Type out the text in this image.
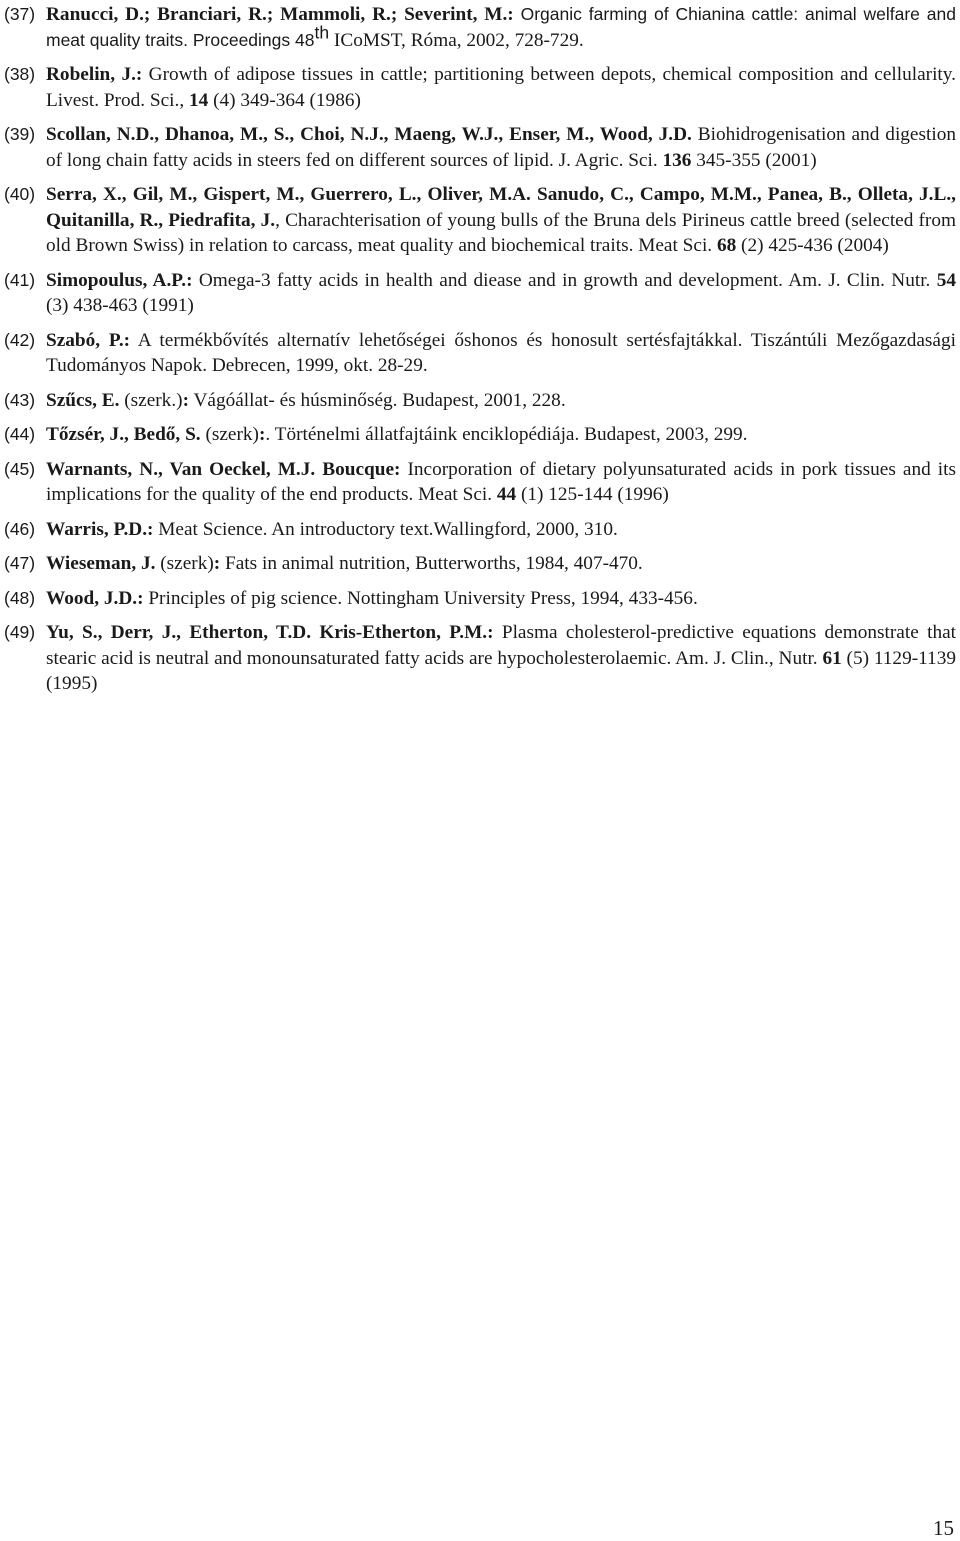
(37) Ranucci, D.; Branciari, R.; Mammoli, R.; Severint, M.: Organic farming of Chianina cattle: animal welfare and meat quality traits. Proceedings 48th ICoMST, Róma, 2002, 728-729.
(38) Robelin, J.: Growth of adipose tissues in cattle; partitioning between depots, chemical composition and cellularity. Livest. Prod. Sci., 14 (4) 349-364 (1986)
(39) Scollan, N.D., Dhanoa, M., S., Choi, N.J., Maeng, W.J., Enser, M., Wood, J.D. Biohidrogenisation and digestion of long chain fatty acids in steers fed on different sources of lipid. J. Agric. Sci. 136 345-355 (2001)
(40) Serra, X., Gil, M., Gispert, M., Guerrero, L., Oliver, M.A. Sanudo, C., Campo, M.M., Panea, B., Olleta, J.L., Quitanilla, R., Piedrafita, J., Charachterisation of young bulls of the Bruna dels Pirineus cattle breed (selected from old Brown Swiss) in relation to carcass, meat quality and biochemical traits. Meat Sci. 68 (2) 425-436 (2004)
(41) Simopoulus, A.P.: Omega-3 fatty acids in health and diease and in growth and development. Am. J. Clin. Nutr. 54 (3) 438-463 (1991)
(42) Szabó, P.: A termékbővítés alternatív lehetőségei őshonos és honosult sertésfajtákkal. Tiszántúli Mezőgazdasági Tudományos Napok. Debrecen, 1999, okt. 28-29.
(43) Szűcs, E. (szerk.): Vágóállat- és húsminőség. Budapest, 2001, 228.
(44) Tőzsér, J., Bedő, S. (szerk):. Történelmi állatfajtáink enciklopédiája. Budapest, 2003, 299.
(45) Warnants, N., Van Oeckel, M.J. Boucque: Incorporation of dietary polyunsaturated acids in pork tissues and its implications for the quality of the end products. Meat Sci. 44 (1) 125-144 (1996)
(46) Warris, P.D.: Meat Science. An introductory text.Wallingford, 2000, 310.
(47) Wieseman, J. (szerk): Fats in animal nutrition, Butterworths, 1984, 407-470.
(48) Wood, J.D.: Principles of pig science. Nottingham University Press, 1994, 433-456.
(49) Yu, S., Derr, J., Etherton, T.D. Kris-Etherton, P.M.: Plasma cholesterol-predictive equations demonstrate that stearic acid is neutral and monounsaturated fatty acids are hypocholesterolaemic. Am. J. Clin., Nutr. 61 (5) 1129-1139 (1995)
15
